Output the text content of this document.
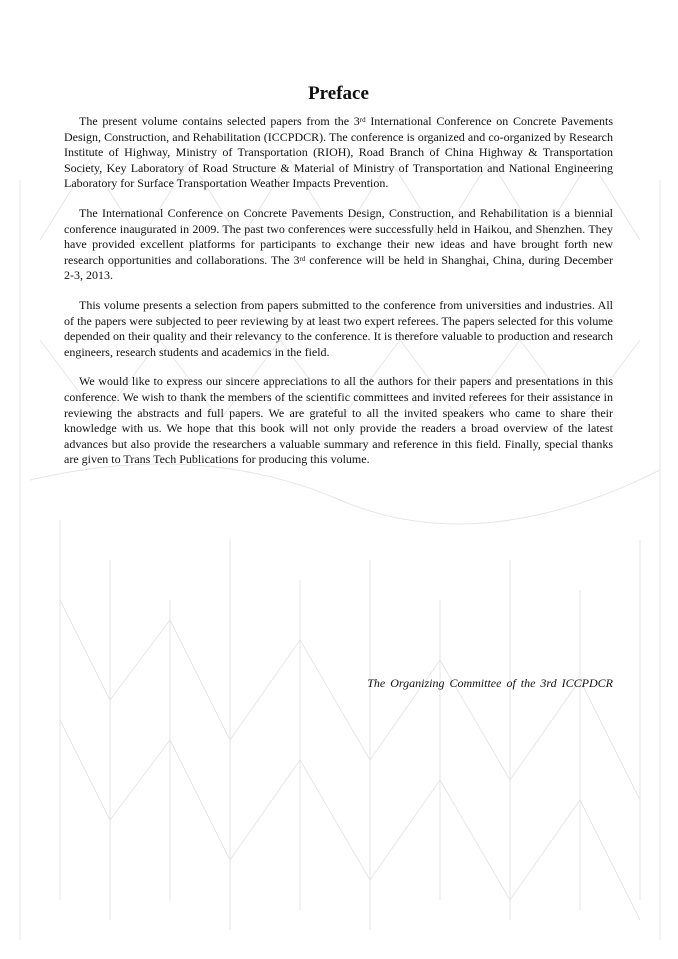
Preface

The present volume contains selected papers from the 3rd International Conference on Concrete Pavements Design, Construction, and Rehabilitation (ICCPDCR). The conference is organized and co-organized by Research Institute of Highway, Ministry of Transportation (RIOH), Road Branch of China Highway & Transportation Society, Key Laboratory of Road Structure & Material of Ministry of Transportation and National Engineering Laboratory for Surface Transportation Weather Impacts Prevention.

The International Conference on Concrete Pavements Design, Construction, and Rehabilitation is a biennial conference inaugurated in 2009. The past two conferences were successfully held in Haikou, and Shenzhen. They have provided excellent platforms for participants to exchange their new ideas and have brought forth new research opportunities and collaborations. The 3rd conference will be held in Shanghai, China, during December 2-3, 2013.

This volume presents a selection from papers submitted to the conference from universities and industries. All of the papers were subjected to peer reviewing by at least two expert referees. The papers selected for this volume depended on their quality and their relevancy to the conference. It is therefore valuable to production and research engineers, research students and academics in the field.

We would like to express our sincere appreciations to all the authors for their papers and presentations in this conference. We wish to thank the members of the scientific committees and invited referees for their assistance in reviewing the abstracts and full papers. We are grateful to all the invited speakers who came to share their knowledge with us. We hope that this book will not only provide the readers a broad overview of the latest advances but also provide the researchers a valuable summary and reference in this field. Finally, special thanks are given to Trans Tech Publications for producing this volume.

The Organizing Committee of the 3rd ICCPDCR
